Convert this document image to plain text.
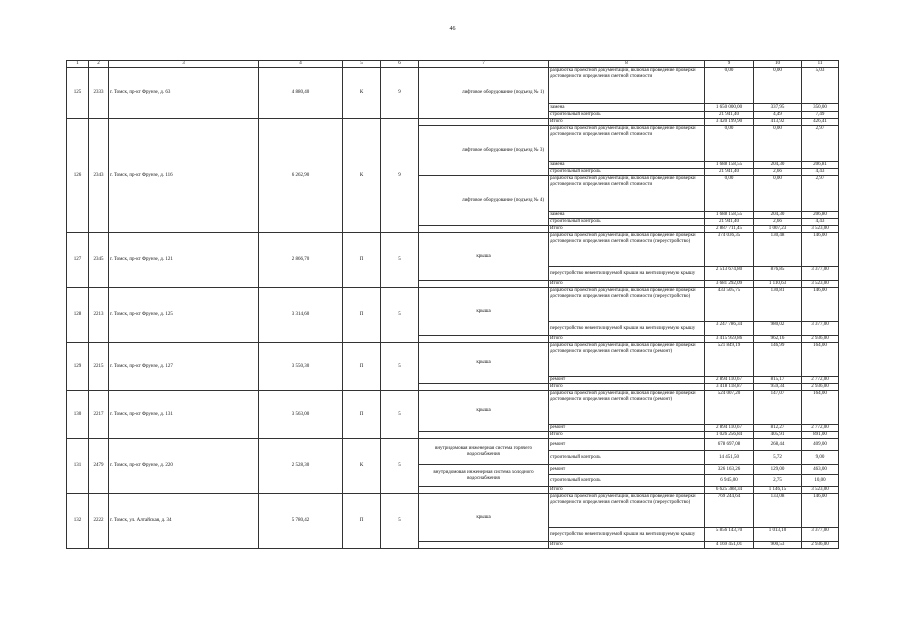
46
1	2	3	4	5	6	7	8	9	10	11
125	2333	г. Томск, пр-кт Фрунзе, д. 63	4 880,40	К	9	лифтовое оборудование (подъезд № 1)	разработка проектной документации, включая проведение проверки достоверности определения сметной стоимости	0,00	0,00	5,03
							замена	1 650 000,00	337,95	350,00
							строительный контроль	21 941,40	4,49	7,49
126	2343	г. Томск, пр-кт Фрунзе, д. 116	6 262,90	К	9		Итого	3 420 199,90	413,92	426,41
						лифтовое оборудование (подъезд № 3)	разработка проектной документации, включая проведение проверки достоверности определения сметной стоимости	0,00	0,00	2,97
							замена	1 688 158,55	204,30	206,81
							строительный контроль	21 941,40	2,66	4,43
						лифтовое оборудование (подъезд № 4)	разработка проектной документации, включая проведение проверки достоверности определения сметной стоимости	0,00	0,00	2,97
							замена	1 688 158,55	204,30	206,80
							строительный контроль	21 941,40	2,66	4,43
							Итого	2 887 711,45	1 007,23	3 523,00
127	2345	г. Томск, пр-кт Фрунзе, д. 121	2 866,70	П	5	крыша	разработка проектной документации, включая проведение проверки достоверности определения сметной стоимости (переустройство)	374 036,35	130,48	146,00
							переустройство невентилируемой крыши на вентилируемую крышу	2 513 674,80	876,85	3 377,00
							Итого	3 681 292,09	1 110,63	3 523,00
128	2213	г. Томск, пр-кт Фрунзе, д. 125	3 314,60	П	5	крыша	разработка проектной документации, включая проведение проверки достоверности определения сметной стоимости (переустройство)	433 505,75	130,81	146,00
							переустройство невентилируемой крыши на вентилируемую крышу	3 247 786,34	980,02	3 377,00
							Итого	3 415 959,86	962,16	2 936,00
129	2215	г. Томск, пр-кт Фрунзе, д. 127	3 550,30	П	5	крыша	разработка проектной документации, включая проведение проверки достоверности определения сметной стоимости (ремонт)	521 849,19	146,99	164,00
							ремонт	2 894 110,67	815,17	2 772,00
							Итого	3 418 118,87	959,34	2 936,00
130	2217	г. Томск, пр-кт Фрунзе, д. 131	3 563,00	П	5	крыша	разработка проектной документации, включая проведение проверки достоверности определения сметной стоимости (ремонт)	524 007,20	147,07	164,00
							ремонт	2 894 110,67	812,27	2 772,00
							Итого	1 026 256,84	405,91	891,00
131	2479	г. Томск, пр-кт Фрунзе, д. 220	2 528,30	К	5	внутридомовая инженерная система горячего водоснабжения	ремонт	678 697,08	268,44	409,00
							строительный контроль	14 451,50	5,72	9,00
						внутридомовая инженерная система холодного водоснабжения	ремонт	326 163,26	129,00	463,00
							строительный контроль	6 945,00	2,75	10,00
							Итого	6 625 388,34	1 146,15	3 523,00
132	2222	г. Томск, ул. Алтайская, д. 34	5 780,42	П	5	крыша	разработка проектной документации, включая проведение проверки достоверности определения сметной стоимости (переустройство)	769 244,64	133,08	146,00
							переустройство невентилируемой крыши на вентилируемую крышу	5 856 143,70	1 013,10	3 377,00
							Итого	4 169 451,01	900,53	2 936,00
